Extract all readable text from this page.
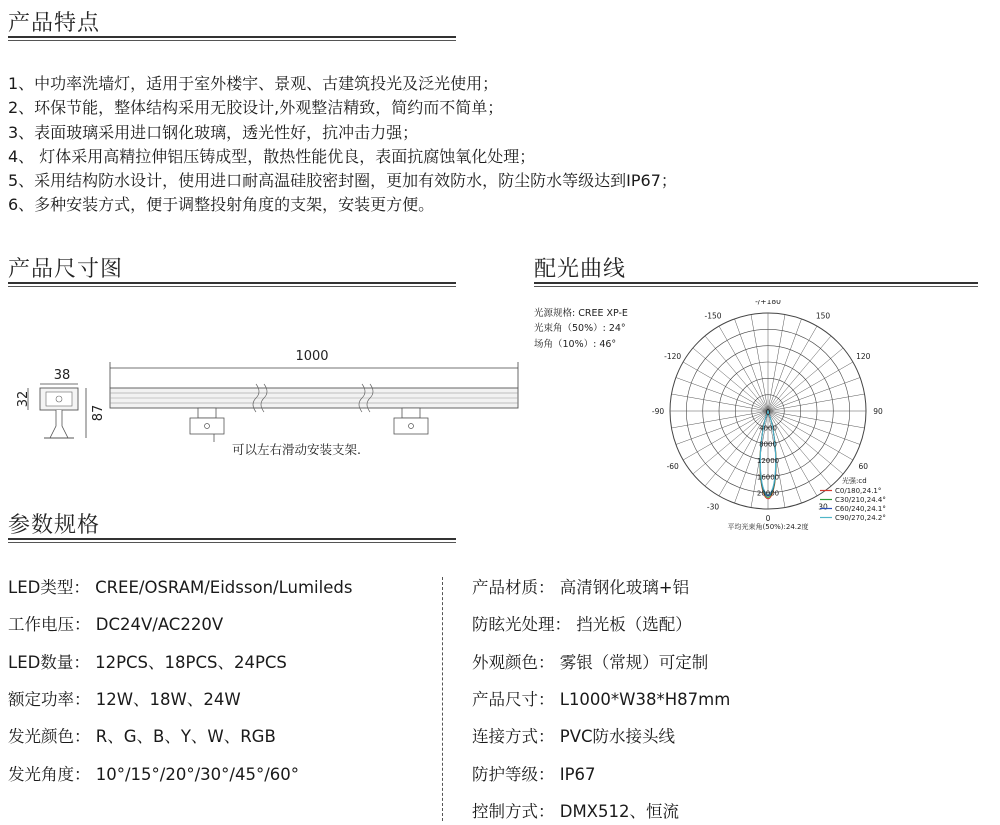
产品特点
1、中功率洗墙灯，适用于室外楼宇、景观、古建筑投光及泛光使用；
2、环保节能，整体结构采用无胶设计,外观整洁精致，简约而不简单；
3、表面玻璃采用进口钢化玻璃，透光性好，抗冲击力强；
4、 灯体采用高精拉伸铝压铸成型，散热性能优良，表面抗腐蚀氧化处理；
5、采用结构防水设计，使用进口耐高温硅胶密封圈，更加有效防水，防尘防水等级达到IP67；
6、多种安装方式，便于调整投射角度的支架，安装更方便。
产品尺寸图
1000
可以左右滑动安装支架.
38
32
87
配光曲线
光源规格: CREE XP-E
光束角（50%）: 24°
场角（10%）: 46°
-/+180
-150	150
-120	120
-90	90
-60	60
-30	30
0
0
4000
8000
12000
16000
20000
平均光束角(50%):24.2度
光强:cd
C0/180,24.1°
C30/210,24.4°
C60/240,24.1°
C90/270,24.2°
参数规格
LED类型： CREE/OSRAM/Eidsson/Lumileds
工作电压： DC24V/AC220V
LED数量： 12PCS、18PCS、24PCS
额定功率： 12W、18W、24W
发光颜色： R、G、B、Y、W、RGB
发光角度： 10°/15°/20°/30°/45°/60°
产品材质： 高清钢化玻璃+铝
防眩光处理： 挡光板（选配）
外观颜色： 雾银（常规）可定制
产品尺寸： L1000*W38*H87mm
连接方式： PVC防水接头线
防护等级： IP67
控制方式： DMX512、恒流
